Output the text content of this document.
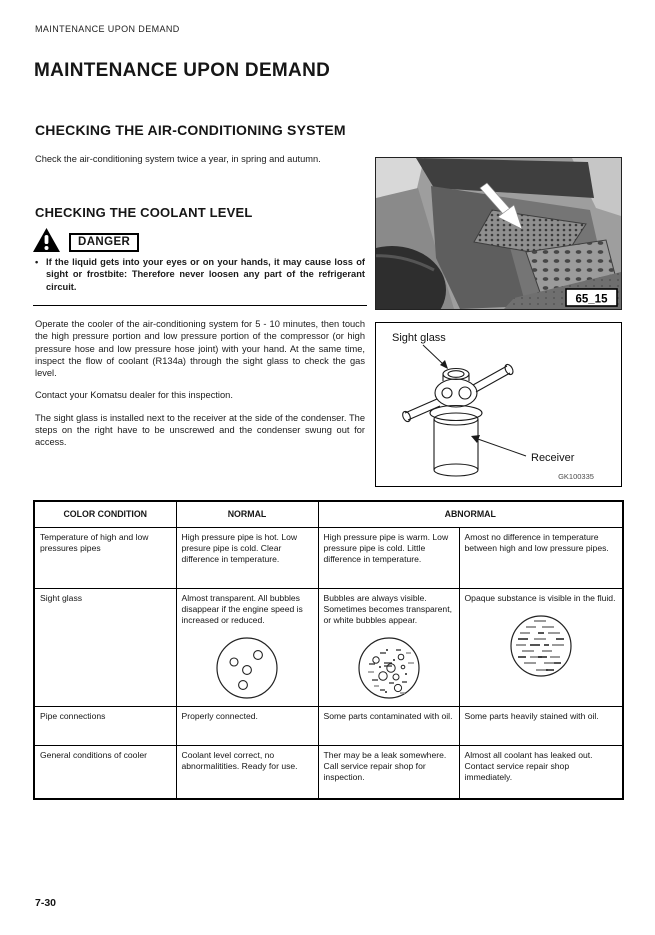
MAINTENANCE UPON DEMAND
MAINTENANCE UPON DEMAND
CHECKING THE AIR-CONDITIONING SYSTEM
Check the air-conditioning system twice a year, in spring and autumn.
CHECKING THE COOLANT LEVEL
DANGER
• If the liquid gets into your eyes or on your hands, it may cause loss of sight or frostbite: Therefore never loosen any part of the refrigerant circuit.

Operate the cooler of the air-conditioning system for 5 - 10 minutes, then touch the high pressure portion and low pressure portion of the compressor (or high pressure hose and low pressure hose joint) with your hand. At the same time, inspect the flow of coolant (R134a) through the sight glass to check the gas level.

Contact your Komatsu dealer for this inspection.

The sight glass is installed next to the receiver at the side of the condenser. The steps on the right have to be unscrewed and the condenser swung out for access.

65_15
Sight glass
Receiver
GK100335
COLOR CONDITION	NORMAL	ABNORMAL	
Temperature of high and low pressures pipes	High pressure pipe is hot. Low presure pipe is cold. Clear difference in temperature.	High pressure pipe is warm. Low pressure pipe is cold. Little difference in temperature.	Amost no difference in temperature between high and low pressure pipes.
Sight glass	Almost transparent. All bubbles disappear if the engine speed is increased or reduced.	Bubbles are always visible. Sometimes becomes transparent, or white bubbles appear.	Opaque substance is visible in the fluid.

Pipe connections	Properly connected.	Some parts contaminated with oil.	Some parts heavily stained with oil.
General conditions of cooler	Coolant level correct, no abnormalitities. Ready for use.	Ther may be a leak somewhere. Call service repair shop for inspection.	Almost all coolant has leaked out. Contact service repair shop immediately.
7-30
